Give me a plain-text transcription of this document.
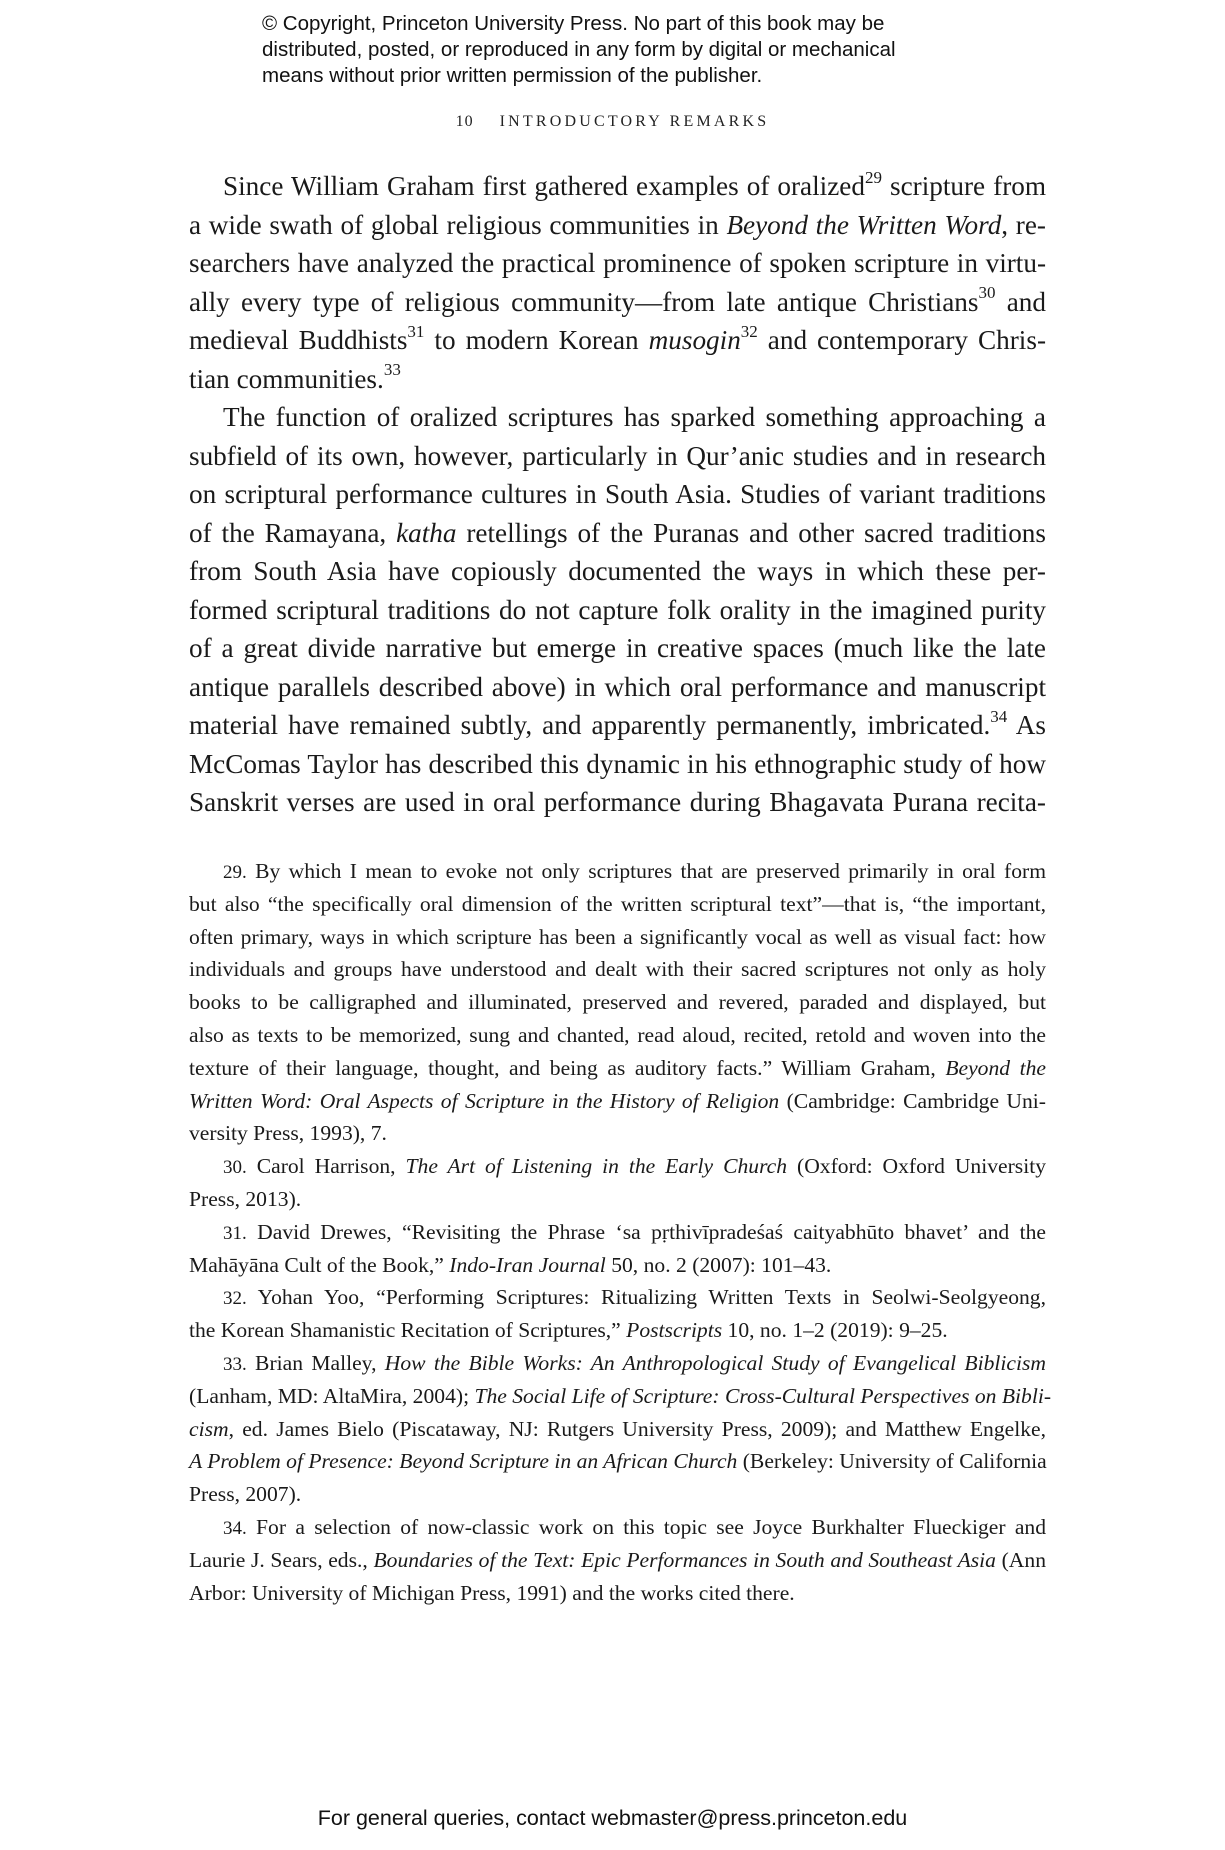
© Copyright, Princeton University Press. No part of this book may be
distributed, posted, or reproduced in any form by digital or mechanical
means without prior written permission of the publisher.
10 INTRODUCTORY REMARKS
Since William Graham first gathered examples of oralized$^{29}$ scripture from
a wide swath of global religious communities in Beyond the Written Word, re-
searchers have analyzed the practical prominence of spoken scripture in virtu-
ally every type of religious community—from late antique Christians$^{30}$ and
medieval Buddhists$^{31}$ to modern Korean musogin$^{32}$ and contemporary Chris-
tian communities.$^{33}$
The function of oralized scriptures has sparked something approaching a
subfield of its own, however, particularly in Qur’anic studies and in research
on scriptural performance cultures in South Asia. Studies of variant traditions
of the Ramayana, katha retellings of the Puranas and other sacred traditions
from South Asia have copiously documented the ways in which these per-
formed scriptural traditions do not capture folk orality in the imagined purity
of a great divide narrative but emerge in creative spaces (much like the late
antique parallels described above) in which oral performance and manuscript
material have remained subtly, and apparently permanently, imbricated.$^{34}$ As
McComas Taylor has described this dynamic in his ethnographic study of how
Sanskrit verses are used in oral performance during Bhagavata Purana recita-
29. By which I mean to evoke not only scriptures that are preserved primarily in oral form
but also “the specifically oral dimension of the written scriptural text”—that is, “the important,
often primary, ways in which scripture has been a significantly vocal as well as visual fact: how
individuals and groups have understood and dealt with their sacred scriptures not only as holy
books to be calligraphed and illuminated, preserved and revered, paraded and displayed, but
also as texts to be memorized, sung and chanted, read aloud, recited, retold and woven into the
texture of their language, thought, and being as auditory facts.” William Graham, Beyond the
Written Word: Oral Aspects of Scripture in the History of Religion (Cambridge: Cambridge Uni-
versity Press, 1993), 7.
30. Carol Harrison, The Art of Listening in the Early Church (Oxford: Oxford University
Press, 2013).
31. David Drewes, “Revisiting the Phrase ‘sa pṛthivīpradeśaś caityabhūto bhavet’ and the
Mahāyāna Cult of the Book,” Indo-Iran Journal 50, no. 2 (2007): 101–43.
32. Yohan Yoo, “Performing Scriptures: Ritualizing Written Texts in Seolwi-Seolgyeong,
the Korean Shamanistic Recitation of Scriptures,” Postscripts 10, no. 1–2 (2019): 9–25.
33. Brian Malley, How the Bible Works: An Anthropological Study of Evangelical Biblicism
(Lanham, MD: AltaMira, 2004); The Social Life of Scripture: Cross-Cultural Perspectives on Bibli-
cism, ed. James Bielo (Piscataway, NJ: Rutgers University Press, 2009); and Matthew Engelke,
A Problem of Presence: Beyond Scripture in an African Church (Berkeley: University of California
Press, 2007).
34. For a selection of now-classic work on this topic see Joyce Burkhalter Flueckiger and
Laurie J. Sears, eds., Boundaries of the Text: Epic Performances in South and Southeast Asia (Ann
Arbor: University of Michigan Press, 1991) and the works cited there.
For general queries, contact webmaster@press.princeton.edu
